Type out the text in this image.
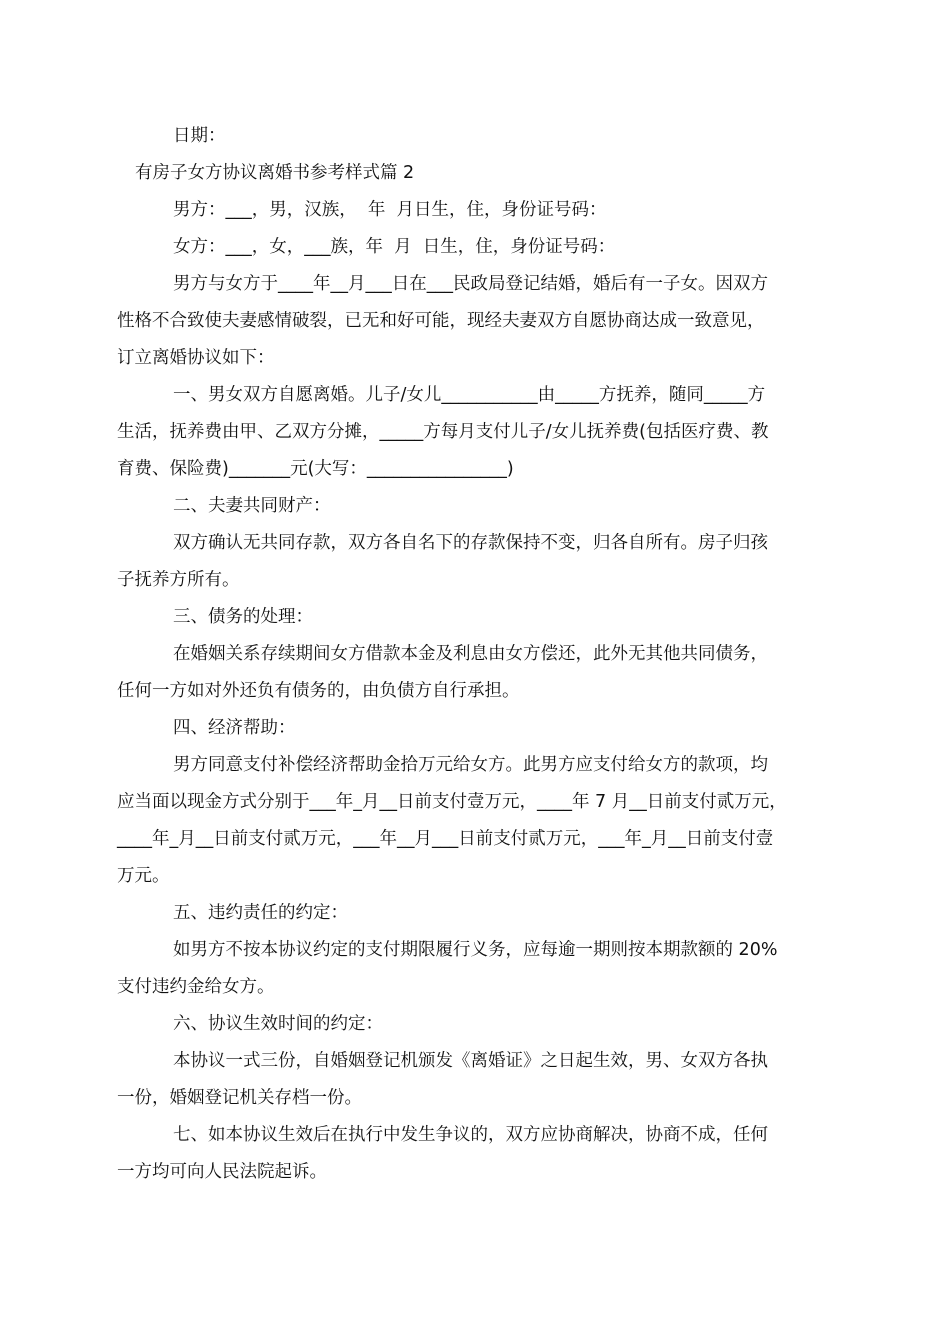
日期：

有房子女方协议离婚书参考样式篇 2

男方：___，男，汉族，  年  月日生，住，身份证号码：

女方：___，女，___族，年  月  日生，住，身份证号码：

男方与女方于____年__月___日在___民政局登记结婚，婚后有一子女。因双方

性格不合致使夫妻感情破裂，已无和好可能，现经夫妻双方自愿协商达成一致意见，

订立离婚协议如下：

一、男女双方自愿离婚。儿子/女儿___________由_____方抚养，随同_____方

生活，抚养费由甲、乙双方分摊，_____方每月支付儿子/女儿抚养费(包括医疗费、教

育费、保险费)_______元(大写：________________)

二、夫妻共同财产：

双方确认无共同存款，双方各自名下的存款保持不变，归各自所有。房子归孩

子抚养方所有。

三、债务的处理：

在婚姻关系存续期间女方借款本金及利息由女方偿还，此外无其他共同债务，

任何一方如对外还负有债务的，由负债方自行承担。

四、经济帮助：

男方同意支付补偿经济帮助金拾万元给女方。此男方应支付给女方的款项，均

应当面以现金方式分别于___年_月__日前支付壹万元，____年 7 月__日前支付贰万元，

____年_月__日前支付贰万元，___年__月___日前支付贰万元，___年_月__日前支付壹

万元。

五、违约责任的约定：

如男方不按本协议约定的支付期限履行义务，应每逾一期则按本期款额的 20%

支付违约金给女方。

六、协议生效时间的约定：

本协议一式三份，自婚姻登记机颁发《离婚证》之日起生效，男、女双方各执

一份，婚姻登记机关存档一份。

七、如本协议生效后在执行中发生争议的，双方应协商解决，协商不成，任何

一方均可向人民法院起诉。
